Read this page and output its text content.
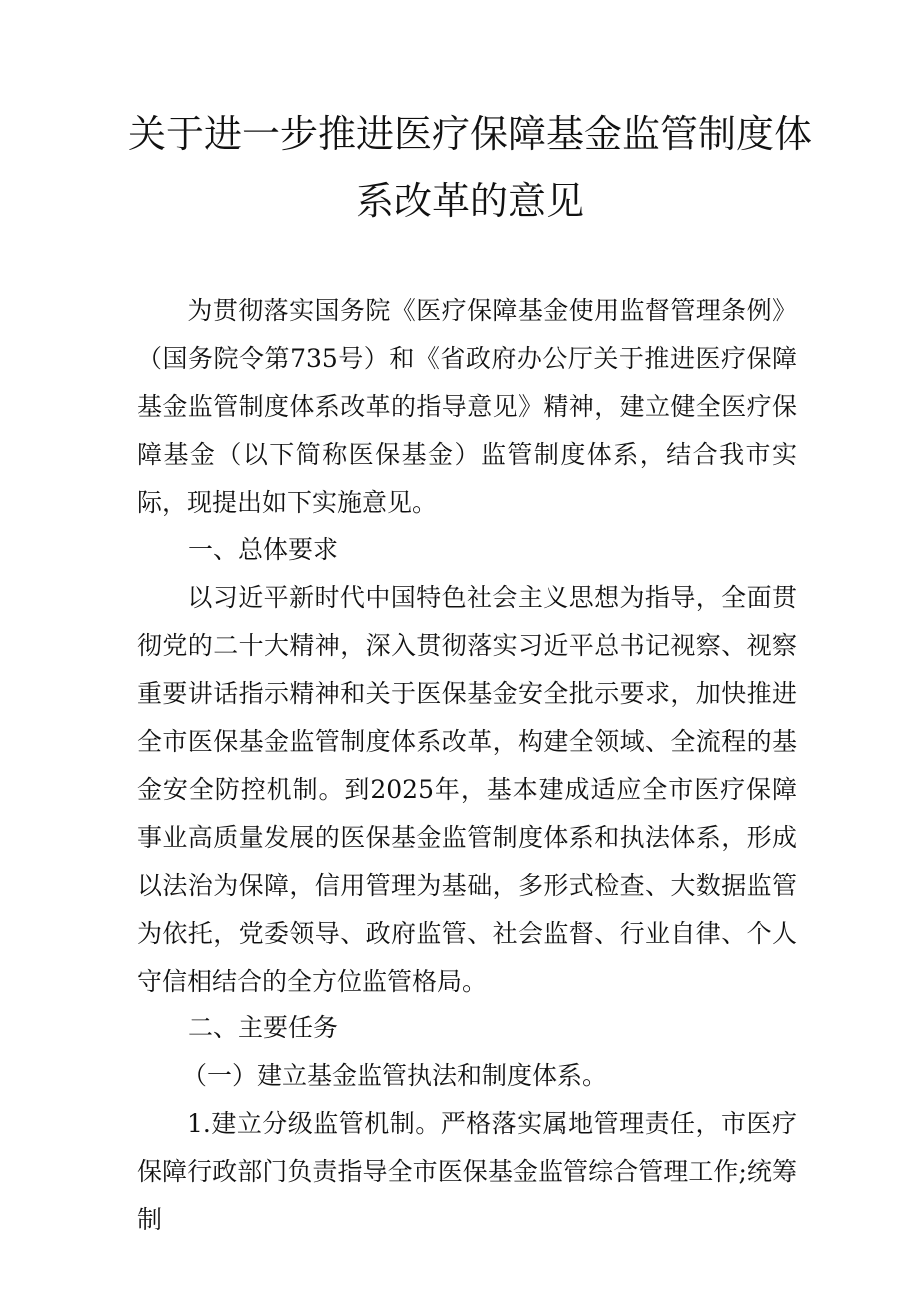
关于进一步推进医疗保障基金监管制度体
系改革的意见

为贯彻落实国务院《医疗保障基金使用监督管理条例》（国务院令第735号）和《省政府办公厅关于推进医疗保障基金监管制度体系改革的指导意见》精神，建立健全医疗保障基金（以下简称医保基金）监管制度体系，结合我市实际，现提出如下实施意见。

一、总体要求

以习近平新时代中国特色社会主义思想为指导，全面贯彻党的二十大精神，深入贯彻落实习近平总书记视察、视察重要讲话指示精神和关于医保基金安全批示要求，加快推进全市医保基金监管制度体系改革，构建全领域、全流程的基金安全防控机制。到2025年，基本建成适应全市医疗保障事业高质量发展的医保基金监管制度体系和执法体系，形成以法治为保障，信用管理为基础，多形式检查、大数据监管为依托，党委领导、政府监管、社会监督、行业自律、个人守信相结合的全方位监管格局。

二、主要任务
（一）建立基金监管执法和制度体系。

1.建立分级监管机制。严格落实属地管理责任，市医疗保障行政部门负责指导全市医保基金监管综合管理工作;统筹制
